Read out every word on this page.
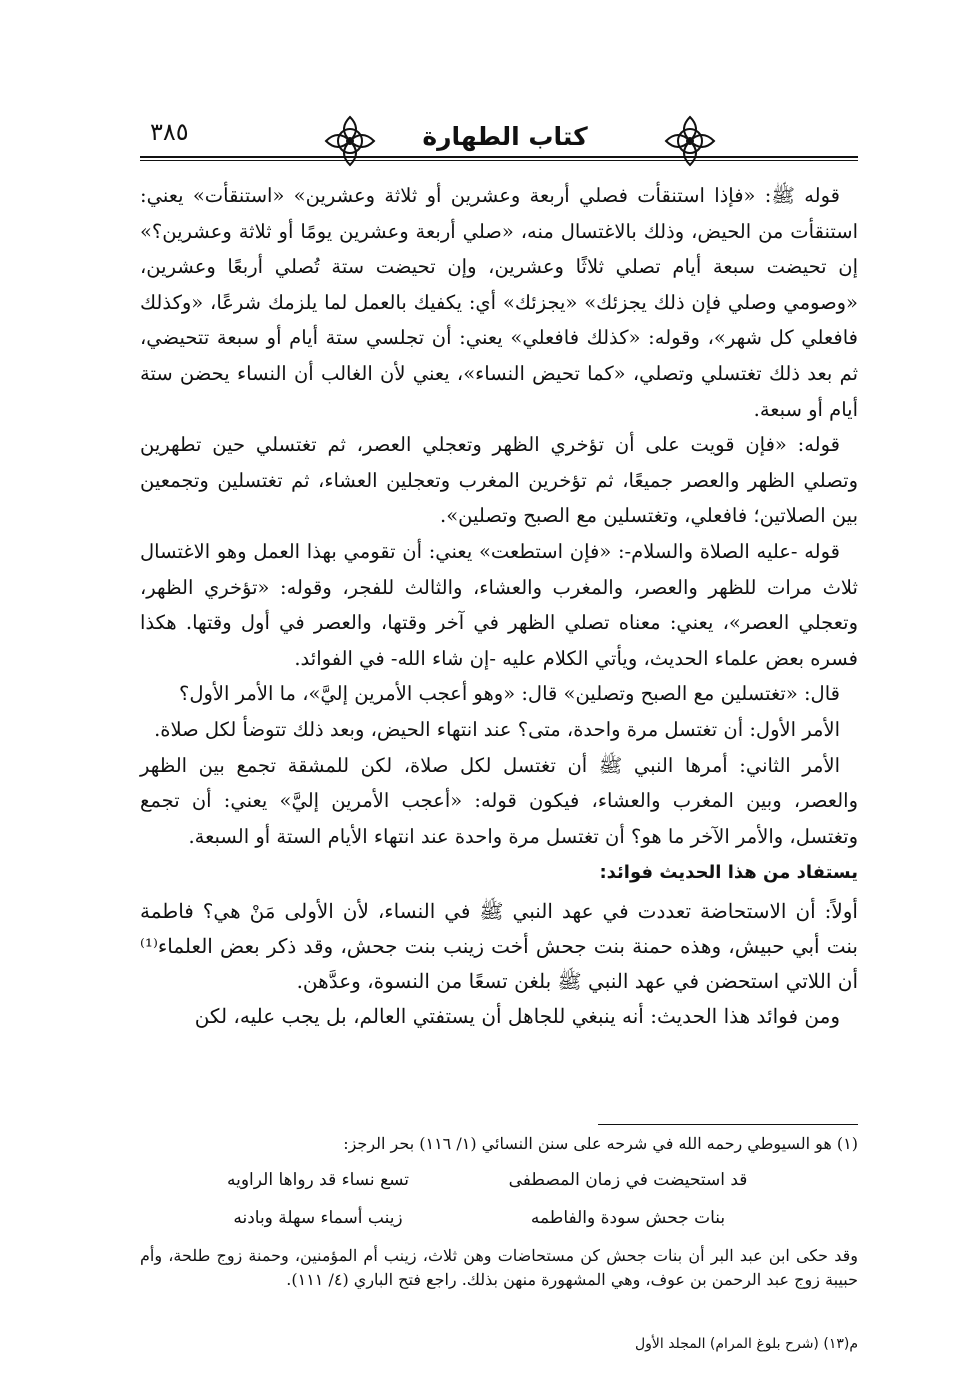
٣٨٥	كتاب الطهارة

قوله ﷺ: «فإذا استنقأت فصلي أربعة وعشرين أو ثلاثة وعشرين» «استنقأت» يعني: استنقأت من الحيض، وذلك بالاغتسال منه، «صلي أربعة وعشرين يومًا أو ثلاثة وعشرين؟» إن تحيضت سبعة أيام تصلي ثلاثًا وعشرين، وإن تحيضت ستة تُصلي أربعًا وعشرين، «وصومي وصلي فإن ذلك يجزئك» «يجزئك» أي: يكفيك بالعمل لما يلزمك شرعًا، «وكذلك فافعلي كل شهر»، وقوله: «كذلك فافعلي» يعني: أن تجلسي ستة أيام أو سبعة تتحيضي، ثم بعد ذلك تغتسلي وتصلي، «كما تحيض النساء»، يعني لأن الغالب أن النساء يحضن ستة أيام أو سبعة.

قوله: «فإن قويت على أن تؤخري الظهر وتعجلي العصر، ثم تغتسلي حين تطهرين وتصلي الظهر والعصر جميعًا، ثم تؤخرين المغرب وتعجلين العشاء، ثم تغتسلين وتجمعين بين الصلاتين؛ فافعلي، وتغتسلين مع الصبح وتصلين».

قوله -عليه الصلاة والسلام-: «فإن استطعت» يعني: أن تقومي بهذا العمل وهو الاغتسال ثلاث مرات للظهر والعصر، والمغرب والعشاء، والثالث للفجر، وقوله: «تؤخري الظهر، وتعجلي العصر»، يعني: معناه تصلي الظهر في آخر وقتها، والعصر في أول وقتها. هكذا فسره بعض علماء الحديث، ويأتي الكلام عليه -إن شاء الله- في الفوائد.

قال: «تغتسلين مع الصبح وتصلين» قال: «وهو أعجب الأمرين إليَّ»، ما الأمر الأول؟

الأمر الأول: أن تغتسل مرة واحدة، متى؟ عند انتهاء الحيض، وبعد ذلك تتوضأ لكل صلاة.

الأمر الثاني: أمرها النبي ﷺ أن تغتسل لكل صلاة، لكن للمشقة تجمع بين الظهر والعصر، وبين المغرب والعشاء، فيكون قوله: «أعجب الأمرين إليَّ» يعني: أن تجمع وتغتسل، والأمر الآخر ما هو؟ أن تغتسل مرة واحدة عند انتهاء الأيام الستة أو السبعة.

يستفاد من هذا الحديث فوائد:

أولاً: أن الاستحاضة تعددت في عهد النبي ﷺ في النساء، لأن الأولى مَنْ هي؟ فاطمة بنت أبي حبيش، وهذه حمنة بنت جحش أخت زينب بنت جحش، وقد ذكر بعض العلماء⁽¹⁾ أن اللاتي استحضن في عهد النبي ﷺ بلغن تسعًا من النسوة، وعدَّهن.

ومن فوائد هذا الحديث: أنه ينبغي للجاهل أن يستفتي العالم، بل يجب عليه، لكن

(١) هو السيوطي رحمه الله في شرحه على سنن النسائي (١/ ١١٦) بحر الرجز:
قد استحيضت في زمان المصطفى
تسع نساء قد رواها الراويه
بنات جحش سودة والفاطمه
زينب أسماء سهلة وبادنه
وقد حكى ابن عبد البر أن بنات جحش كن مستحاضات وهن ثلاث، زينب أم المؤمنين، وحمنة زوج طلحة، وأم حبيبة زوج عبد الرحمن بن عوف، وهي المشهورة منهن بذلك. راجع فتح الباري (٤/ ١١١).
م(١٣) (شرح بلوغ المرام) المجلد الأول
